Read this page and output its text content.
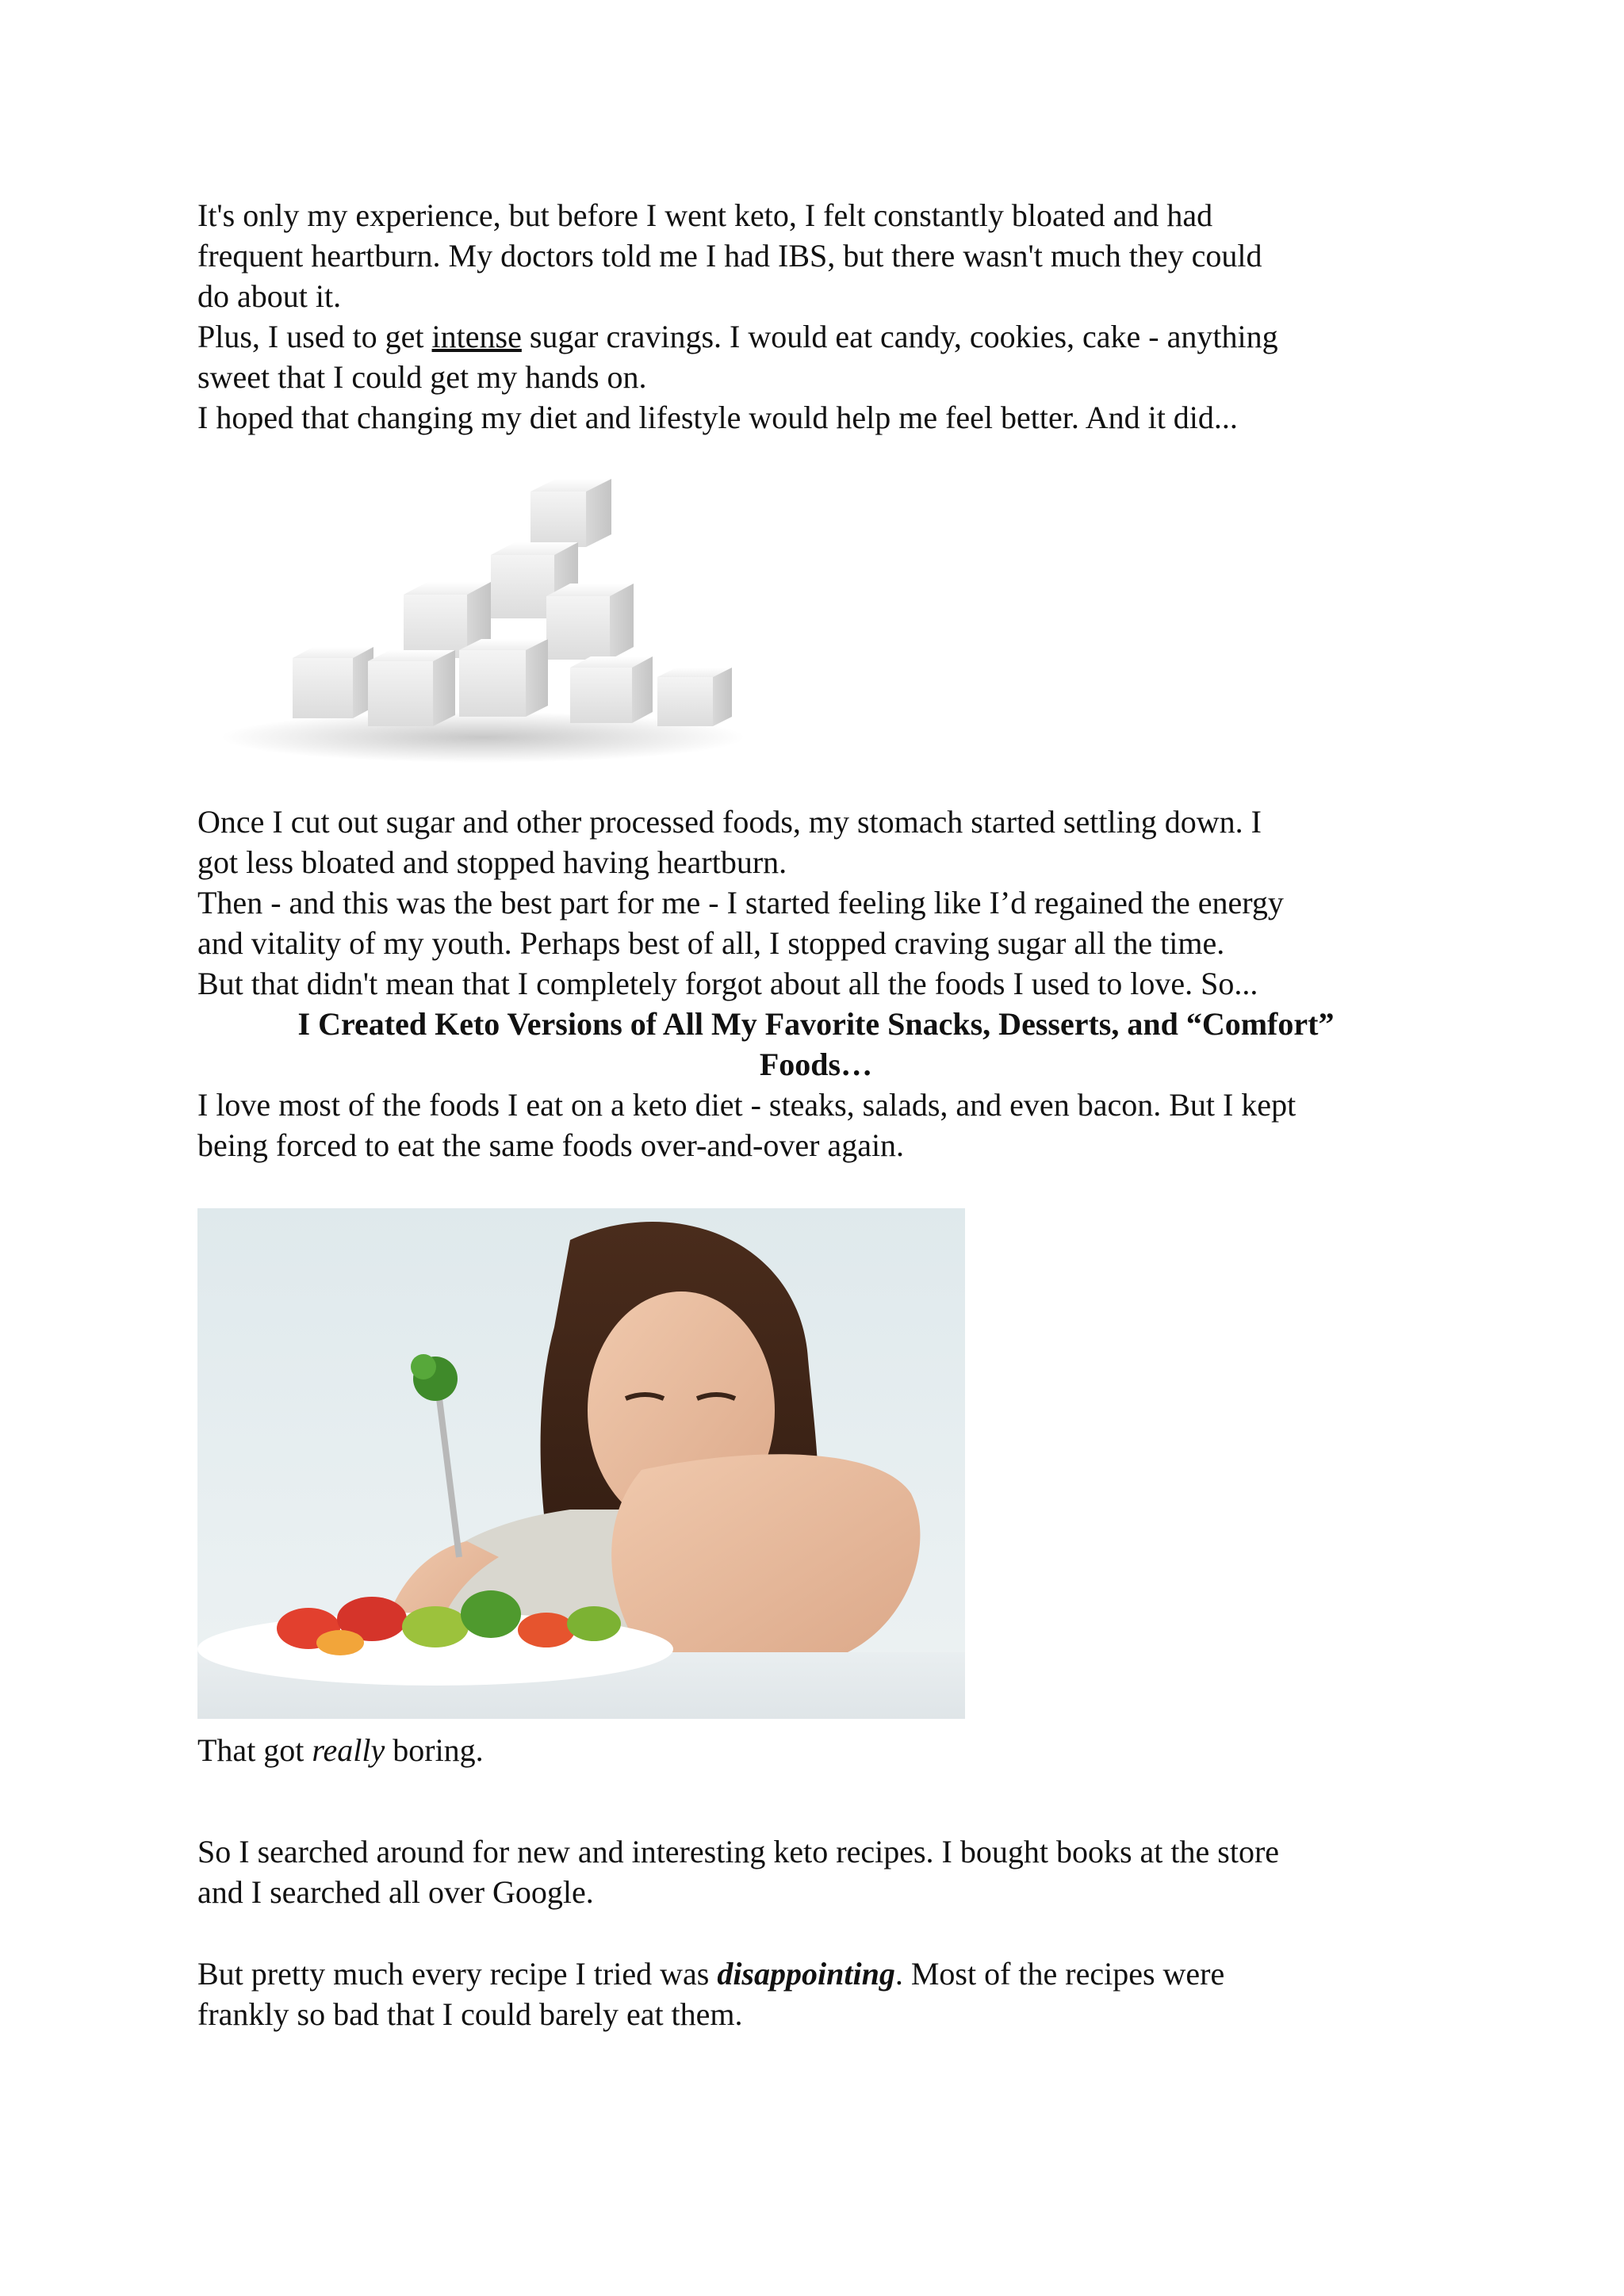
It's only my experience, but before I went keto, I felt constantly bloated and had

frequent heartburn. My doctors told me I had IBS, but there wasn't much they could

do about it.

Plus, I used to get intense sugar cravings. I would eat candy, cookies, cake - anything

sweet that I could get my hands on.

I hoped that changing my diet and lifestyle would help me feel better. And it did...

Once I cut out sugar and other processed foods, my stomach started settling down. I

got less bloated and stopped having heartburn.

Then - and this was the best part for me - I started feeling like I’d regained the energy

and vitality of my youth. Perhaps best of all, I stopped craving sugar all the time.

But that didn't mean that I completely forgot about all the foods I used to love. So...

I Created Keto Versions of All My Favorite Snacks, Desserts, and “Comfort”
Foods…

I love most of the foods I eat on a keto diet - steaks, salads, and even bacon. But I kept

being forced to eat the same foods over-and-over again.

That got really boring.

So I searched around for new and interesting keto recipes. I bought books at the store

and I searched all over Google.

But pretty much every recipe I tried was disappointing. Most of the recipes were

frankly so bad that I could barely eat them.
